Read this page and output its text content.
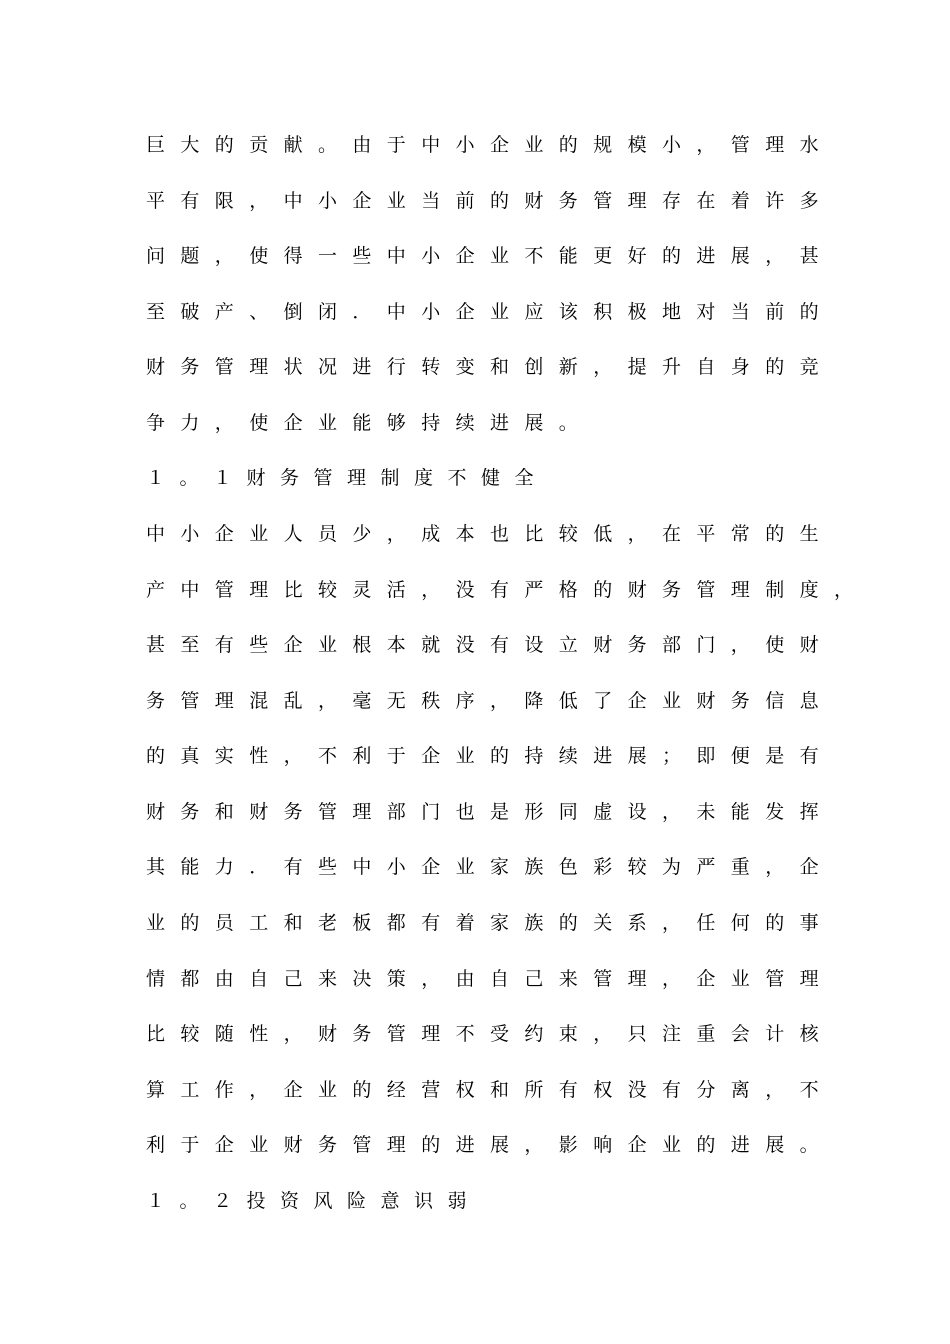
巨大的贡献。由于中小企业的规模小，管理水
平有限，中小企业当前的财务管理存在着许多
问题，使得一些中小企业不能更好的进展，甚
至破产、倒闭．中小企业应该积极地对当前的
财务管理状况进行转变和创新，提升自身的竞
争力，使企业能够持续进展。
１。１财务管理制度不健全
中小企业人员少，成本也比较低，在平常的生
产中管理比较灵活，没有严格的财务管理制度，
甚至有些企业根本就没有设立财务部门，使财
务管理混乱，毫无秩序，降低了企业财务信息
的真实性，不利于企业的持续进展；即便是有
财务和财务管理部门也是形同虚设，未能发挥
其能力．有些中小企业家族色彩较为严重，企
业的员工和老板都有着家族的关系，任何的事
情都由自己来决策，由自己来管理，企业管理
比较随性，财务管理不受约束，只注重会计核
算工作，企业的经营权和所有权没有分离，不
利于企业财务管理的进展，影响企业的进展。
１。２投资风险意识弱
